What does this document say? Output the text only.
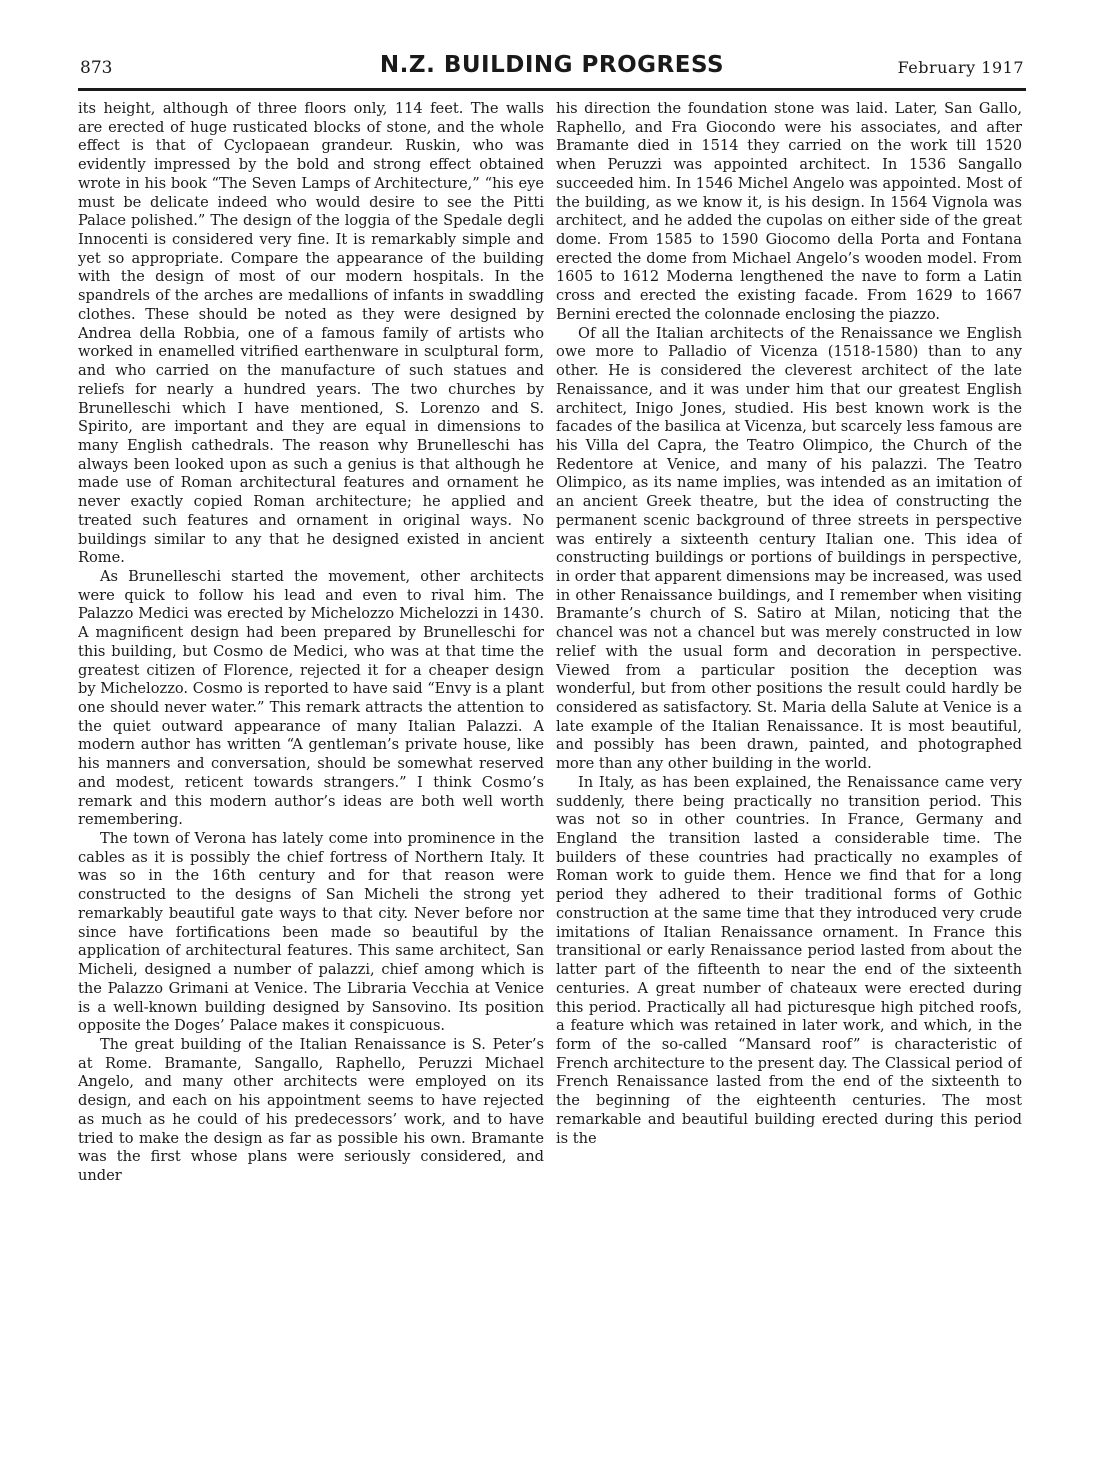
873	N.Z. BUILDING PROGRESS	February 1917

its height, although of three floors only, 114 feet. The walls are erected of huge rusticated blocks of stone, and the whole effect is that of Cyclopaean grandeur. Ruskin, who was evidently impressed by the bold and strong effect obtained wrote in his book “The Seven Lamps of Architecture,” “his eye must be delicate indeed who would desire to see the Pitti Palace polished.” The design of the loggia of the Spedale degli Innocenti is considered very fine. It is remarkably simple and yet so appropriate. Compare the appearance of the building with the design of most of our modern hospitals. In the spandrels of the arches are medallions of infants in swaddling clothes. These should be noted as they were designed by Andrea della Robbia, one of a famous family of artists who worked in enamelled vitrified earthenware in sculptural form, and who carried on the manufacture of such statues and reliefs for nearly a hundred years. The two churches by Brunelleschi which I have mentioned, S. Lorenzo and S. Spirito, are important and they are equal in dimensions to many English cathedrals. The reason why Brunelleschi has always been looked upon as such a genius is that although he made use of Roman architectural features and ornament he never exactly copied Roman architecture; he applied and treated such features and ornament in original ways. No buildings similar to any that he designed existed in ancient Rome.

As Brunelleschi started the movement, other architects were quick to follow his lead and even to rival him. The Palazzo Medici was erected by Michelozzo Michelozzi in 1430. A magnificent design had been prepared by Brunelleschi for this building, but Cosmo de Medici, who was at that time the greatest citizen of Florence, rejected it for a cheaper design by Michelozzo. Cosmo is reported to have said “Envy is a plant one should never water.” This remark attracts the attention to the quiet outward appearance of many Italian Palazzi. A modern author has written “A gentleman’s private house, like his manners and conversation, should be somewhat reserved and modest, reticent towards strangers.” I think Cosmo’s remark and this modern author’s ideas are both well worth remembering.

The town of Verona has lately come into prominence in the cables as it is possibly the chief fortress of Northern Italy. It was so in the 16th century and for that reason were constructed to the designs of San Micheli the strong yet remarkably beautiful gate ways to that city. Never before nor since have fortifications been made so beautiful by the application of architectural features. This same architect, San Micheli, designed a number of palazzi, chief among which is the Palazzo Grimani at Venice. The Libraria Vecchia at Venice is a well-known building designed by Sansovino. Its position opposite the Doges’ Palace makes it conspicuous.

The great building of the Italian Renaissance is S. Peter’s at Rome. Bramante, Sangallo, Raphello, Peruzzi Michael Angelo, and many other architects were employed on its design, and each on his appointment seems to have rejected as much as he could of his predecessors’ work, and to have tried to make the design as far as possible his own. Bramante was the first whose plans were seriously considered, and under

his direction the foundation stone was laid. Later, San Gallo, Raphello, and Fra Giocondo were his associates, and after Bramante died in 1514 they carried on the work till 1520 when Peruzzi was appointed architect. In 1536 Sangallo succeeded him. In 1546 Michel Angelo was appointed. Most of the building, as we know it, is his design. In 1564 Vignola was architect, and he added the cupolas on either side of the great dome. From 1585 to 1590 Giocomo della Porta and Fontana erected the dome from Michael Angelo’s wooden model. From 1605 to 1612 Moderna lengthened the nave to form a Latin cross and erected the existing facade. From 1629 to 1667 Bernini erected the colonnade enclosing the piazzo.

Of all the Italian architects of the Renaissance we English owe more to Palladio of Vicenza (1518-1580) than to any other. He is considered the cleverest architect of the late Renaissance, and it was under him that our greatest English architect, Inigo Jones, studied. His best known work is the facades of the basilica at Vicenza, but scarcely less famous are his Villa del Capra, the Teatro Olimpico, the Church of the Redentore at Venice, and many of his palazzi. The Teatro Olimpico, as its name implies, was intended as an imitation of an ancient Greek theatre, but the idea of constructing the permanent scenic background of three streets in perspective was entirely a sixteenth century Italian one. This idea of constructing buildings or portions of buildings in perspective, in order that apparent dimensions may be increased, was used in other Renaissance buildings, and I remember when visiting Bramante’s church of S. Satiro at Milan, noticing that the chancel was not a chancel but was merely constructed in low relief with the usual form and decoration in perspective. Viewed from a particular position the deception was wonderful, but from other positions the result could hardly be considered as satisfactory. St. Maria della Salute at Venice is a late example of the Italian Renaissance. It is most beautiful, and possibly has been drawn, painted, and photographed more than any other building in the world.

In Italy, as has been explained, the Renaissance came very suddenly, there being practically no transition period. This was not so in other countries. In France, Germany and England the transition lasted a considerable time. The builders of these countries had practically no examples of Roman work to guide them. Hence we find that for a long period they adhered to their traditional forms of Gothic construction at the same time that they introduced very crude imitations of Italian Renaissance ornament. In France this transitional or early Renaissance period lasted from about the latter part of the fifteenth to near the end of the sixteenth centuries. A great number of chateaux were erected during this period. Practically all had picturesque high pitched roofs, a feature which was retained in later work, and which, in the form of the so-called “Mansard roof” is characteristic of French architecture to the present day. The Classical period of French Renaissance lasted from the end of the sixteenth to the beginning of the eighteenth centuries. The most remarkable and beautiful building erected during this period is the
